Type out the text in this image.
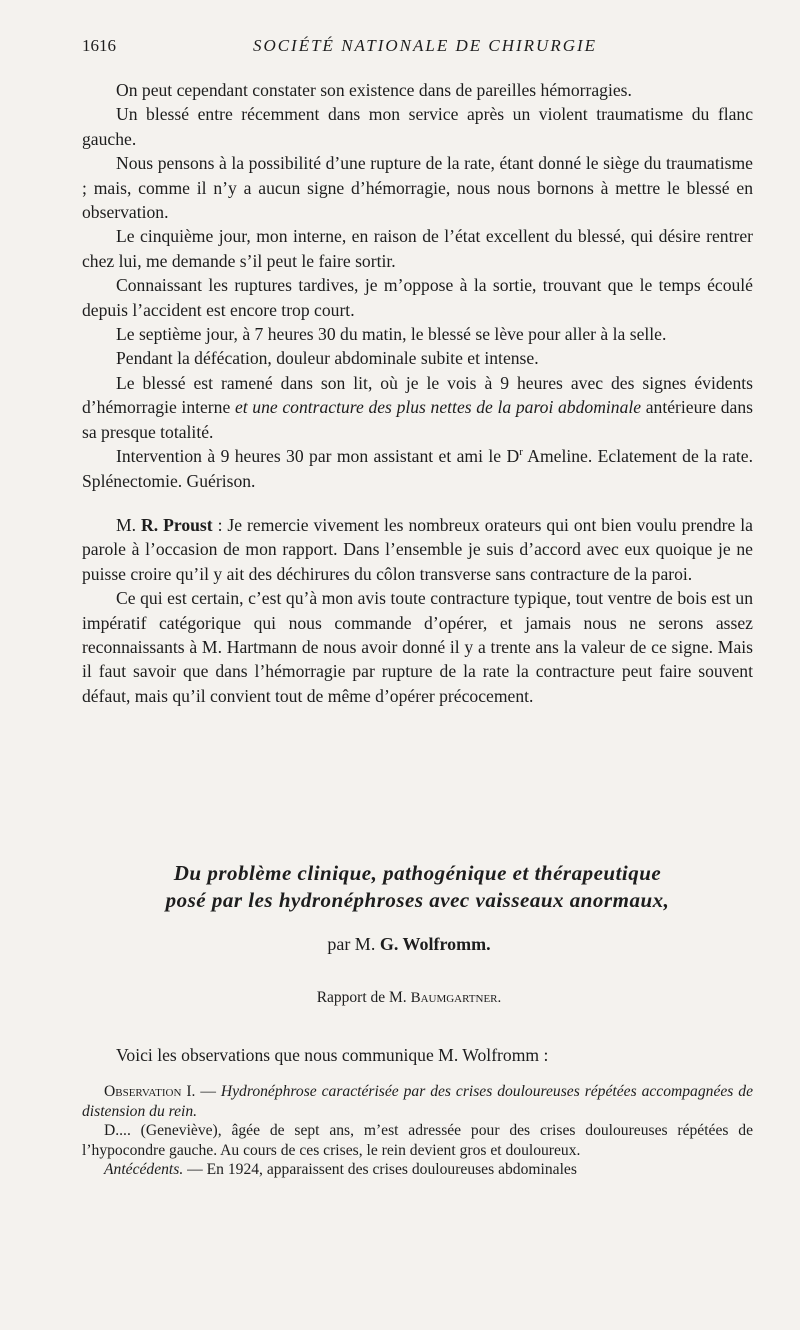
1616	SOCIÉTÉ NATIONALE DE CHIRURGIE

On peut cependant constater son existence dans de pareilles hémorragies.

Un blessé entre récemment dans mon service après un violent traumatisme du flanc gauche.

Nous pensons à la possibilité d’une rupture de la rate, étant donné le siège du traumatisme ; mais, comme il n’y a aucun signe d’hémorragie, nous nous bornons à mettre le blessé en observation.

Le cinquième jour, mon interne, en raison de l’état excellent du blessé, qui désire rentrer chez lui, me demande s’il peut le faire sortir.

Connaissant les ruptures tardives, je m’oppose à la sortie, trouvant que le temps écoulé depuis l’accident est encore trop court.

Le septième jour, à 7 heures 30 du matin, le blessé se lève pour aller à la selle.

Pendant la défécation, douleur abdominale subite et intense.

Le blessé est ramené dans son lit, où je le vois à 9 heures avec des signes évidents d’hémorragie interne et une contracture des plus nettes de la paroi abdominale antérieure dans sa presque totalité.

Intervention à 9 heures 30 par mon assistant et ami le $D^r$ Ameline. Eclatement de la rate. Splénectomie. Guérison.

M. R. Proust : Je remercie vivement les nombreux orateurs qui ont bien voulu prendre la parole à l’occasion de mon rapport. Dans l’ensemble je suis d’accord avec eux quoique je ne puisse croire qu’il y ait des déchirures du côlon transverse sans contracture de la paroi.

Ce qui est certain, c’est qu’à mon avis toute contracture typique, tout ventre de bois est un impératif catégorique qui nous commande d’opérer, et jamais nous ne serons assez reconnaissants à M. Hartmann de nous avoir donné il y a trente ans la valeur de ce signe. Mais il faut savoir que dans l’hémorragie par rupture de la rate la contracture peut faire souvent défaut, mais qu’il convient tout de même d’opérer précocement.

Du problème clinique, pathogénique et thérapeutique
posé par les hydronéphroses avec vaisseaux anormaux,
par M. G. Wolfromm.
Rapport de M. Baumgartner.

Voici les observations que nous communique M. Wolfromm :

Observation I. — Hydronéphrose caractérisée par des crises douloureuses répétées accompagnées de distension du rein.

D.... (Geneviève), âgée de sept ans, m’est adressée pour des crises douloureuses répétées de l’hypocondre gauche. Au cours de ces crises, le rein devient gros et douloureux.

Antécédents. — En 1924, apparaissent des crises douloureuses abdominales
